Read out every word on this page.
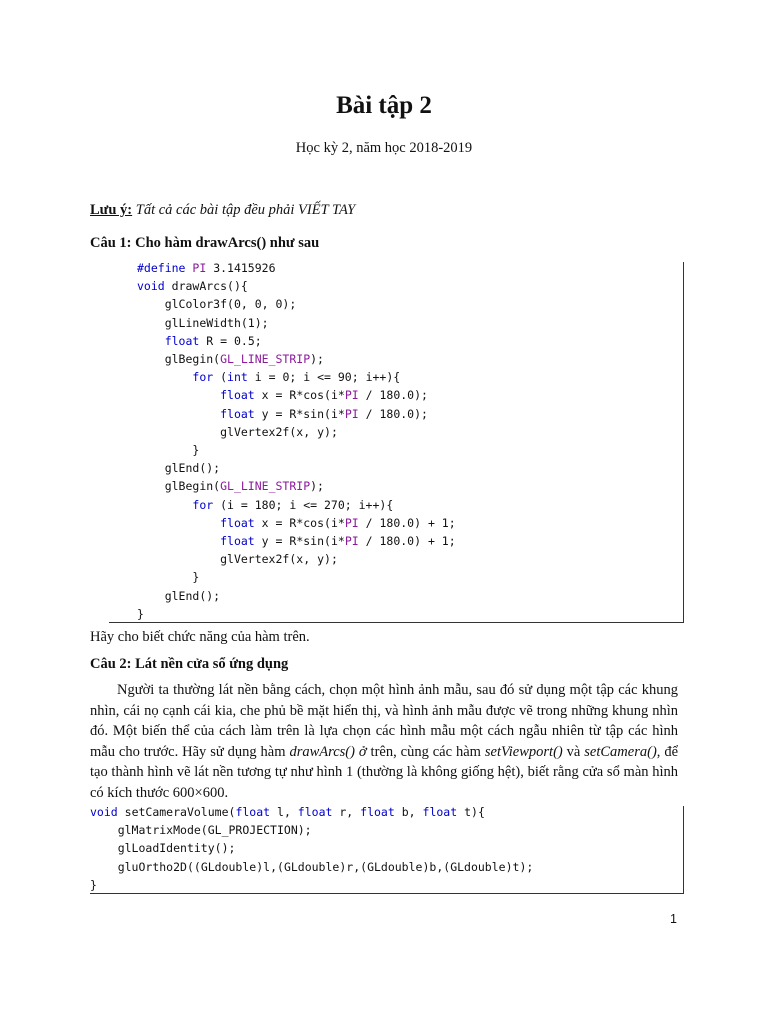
Bài tập 2
Học kỳ 2, năm học 2018-2019
Lưu ý: Tất cả các bài tập đều phải VIẾT TAY
Câu 1: Cho hàm drawArcs() như sau
#define PI 3.1415926
void drawArcs(){
glColor3f(0, 0, 0);
glLineWidth(1);
float R = 0.5;
glBegin(GL_LINE_STRIP);
for (int i = 0; i <= 90; i++){
float x = R*cos(i*PI / 180.0);
float y = R*sin(i*PI / 180.0);
glVertex2f(x, y);
}
glEnd();
glBegin(GL_LINE_STRIP);
for (i = 180; i <= 270; i++){
float x = R*cos(i*PI / 180.0) + 1;
float y = R*sin(i*PI / 180.0) + 1;
glVertex2f(x, y);
}
glEnd();
}
Hãy cho biết chức năng của hàm trên.
Câu 2: Lát nền cửa sổ ứng dụng

Người ta thường lát nền bằng cách, chọn một hình ảnh mẫu, sau đó sử dụng một tập các khung nhìn, cái nọ cạnh cái kia, che phủ bề mặt hiển thị, và hình ảnh mẫu được vẽ trong những khung nhìn đó. Một biến thể của cách làm trên là lựa chọn các hình mẫu một cách ngẫu nhiên từ tập các hình mẫu cho trước. Hãy sử dụng hàm drawArcs() ở trên, cùng các hàm setViewport() và setCamera(), để tạo thành hình vẽ lát nền tương tự như hình 1 (thường là không giống hệt), biết rằng cửa sổ màn hình có kích thước 600×600.

void setCameraVolume(float l, float r, float b, float t){
glMatrixMode(GL_PROJECTION);
glLoadIdentity();
gluOrtho2D((GLdouble)l,(GLdouble)r,(GLdouble)b,(GLdouble)t);
}
1
